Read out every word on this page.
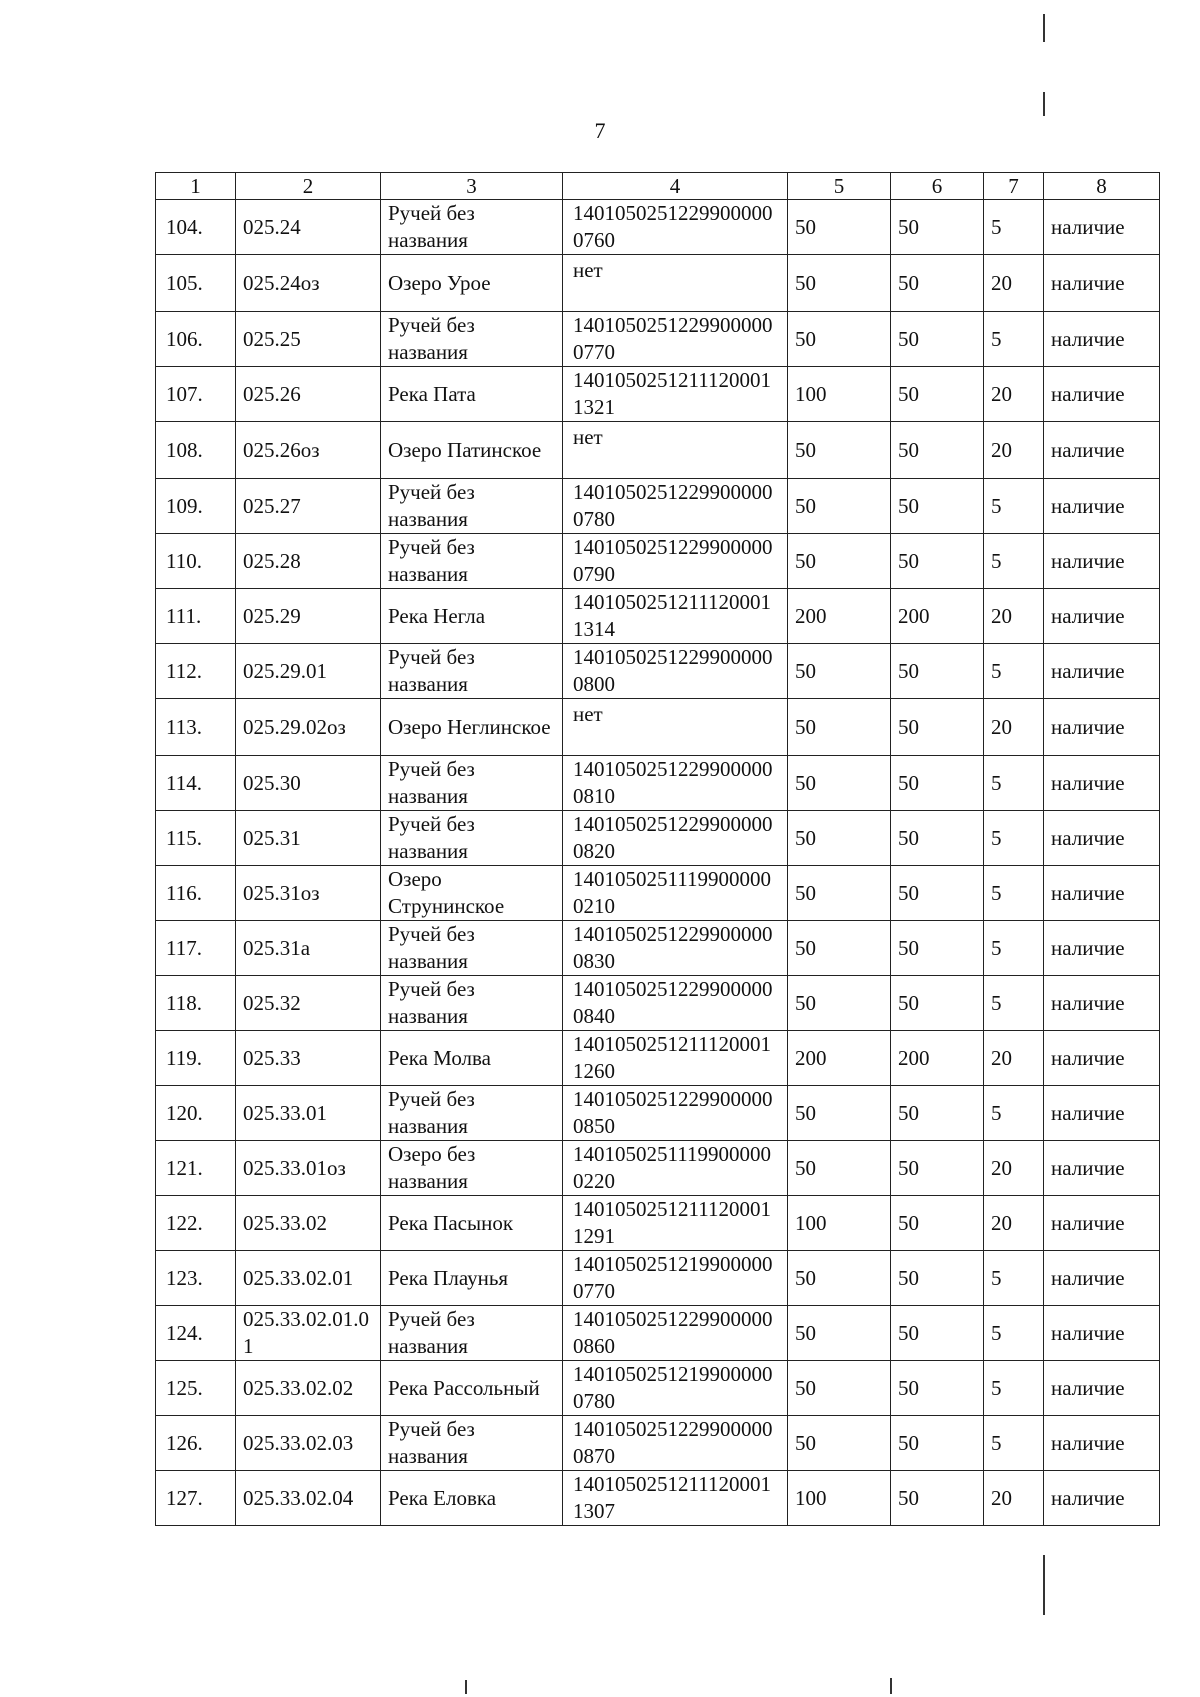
7
1	2	3	4	5	6	7	8
104.	025.24	Ручей без названия	14010502512299000000760	50	50	5	наличие
105.	025.24оз	Озеро Урое	нет	50	50	20	наличие
106.	025.25	Ручей без названия	14010502512299000000770	50	50	5	наличие
107.	025.26	Река Пата	14010502512111200011321	100	50	20	наличие
108.	025.26оз	Озеро Патинское	нет	50	50	20	наличие
109.	025.27	Ручей без названия	14010502512299000000780	50	50	5	наличие
110.	025.28	Ручей без названия	14010502512299000000790	50	50	5	наличие
111.	025.29	Река Негла	14010502512111200011314	200	200	20	наличие
112.	025.29.01	Ручей без названия	14010502512299000000800	50	50	5	наличие
113.	025.29.02оз	Озеро Неглинское	нет	50	50	20	наличие
114.	025.30	Ручей без названия	14010502512299000000810	50	50	5	наличие
115.	025.31	Ручей без названия	14010502512299000000820	50	50	5	наличие
116.	025.31оз	Озеро Струнинское	14010502511199000000210	50	50	5	наличие
117.	025.31а	Ручей без названия	14010502512299000000830	50	50	5	наличие
118.	025.32	Ручей без названия	14010502512299000000840	50	50	5	наличие
119.	025.33	Река Молва	14010502512111200011260	200	200	20	наличие
120.	025.33.01	Ручей без названия	14010502512299000000850	50	50	5	наличие
121.	025.33.01оз	Озеро без названия	14010502511199000000220	50	50	20	наличие
122.	025.33.02	Река Пасынок	14010502512111200011291	100	50	20	наличие
123.	025.33.02.01	Река Плаунья	14010502512199000000770	50	50	5	наличие
124.	025.33.02.01.01	Ручей без названия	14010502512299000000860	50	50	5	наличие
125.	025.33.02.02	Река Рассольный	14010502512199000000780	50	50	5	наличие
126.	025.33.02.03	Ручей без названия	14010502512299000000870	50	50	5	наличие
127.	025.33.02.04	Река Еловка	14010502512111200011307	100	50	20	наличие
